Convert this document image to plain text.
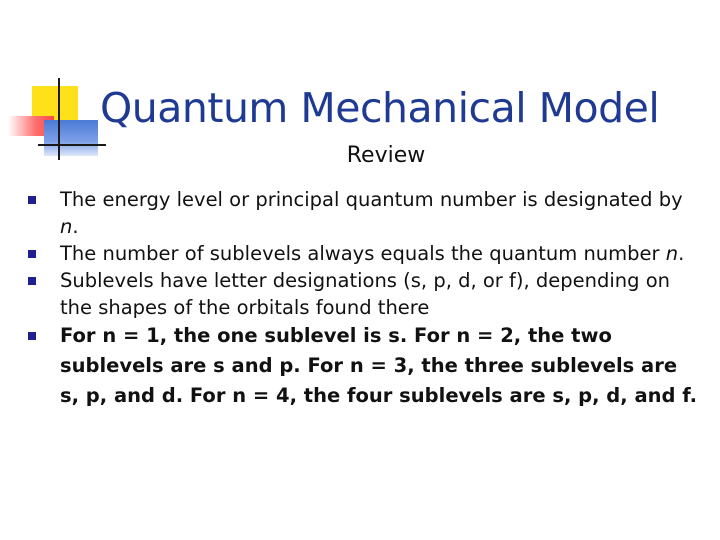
Quantum Mechanical Model
Review
The energy level or principal quantum number is designated by n.
The number of sublevels always equals the quantum number n.
Sublevels have letter designations (s, p, d, or f), depending on the shapes of the orbitals found there
For n = 1, the one sublevel is s. For n = 2, the two sublevels are s and p. For n = 3, the three sublevels are s, p, and d. For n = 4, the four sublevels are s, p, d, and f.
